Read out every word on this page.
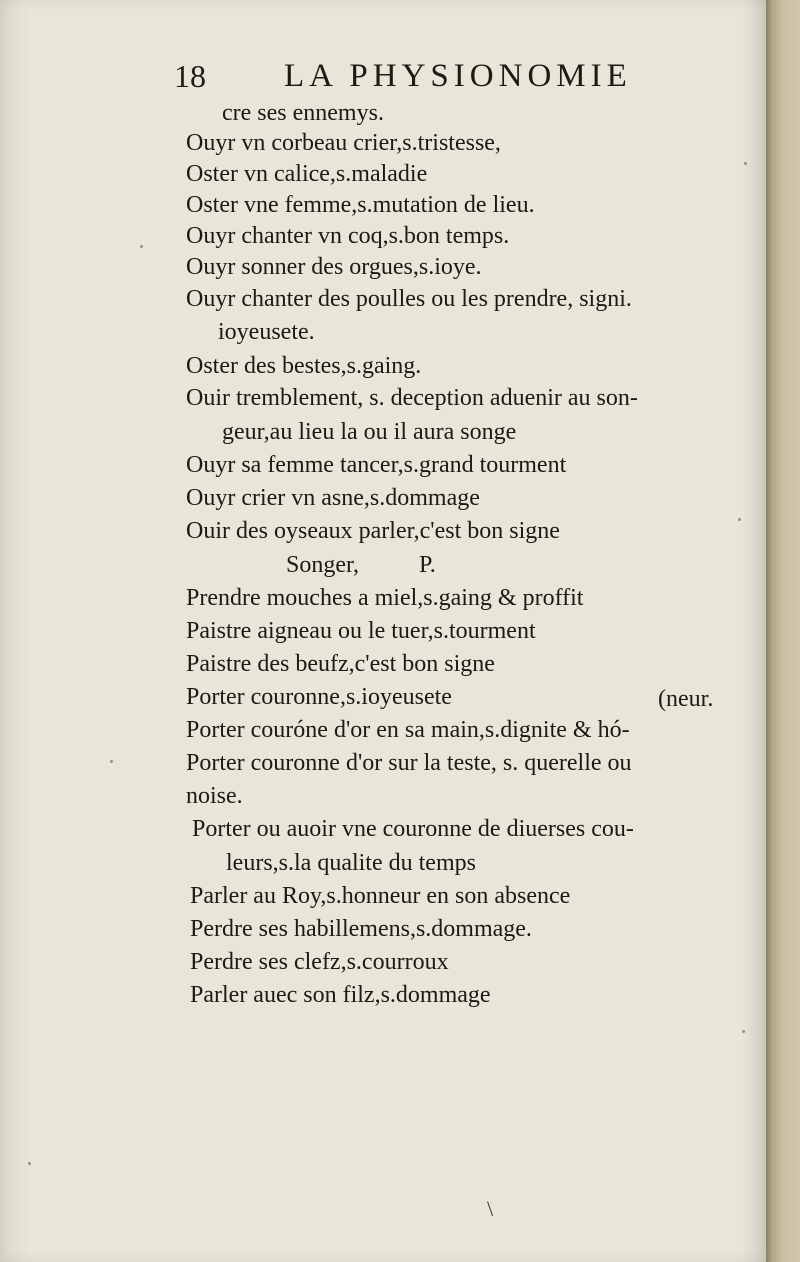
18 LA PHYSIONOMIE
cre ses ennemys.
Ouyr vn corbeau crier,s.tristesse,
Oster vn calice,s.maladie
Oster vne femme,s.mutation de lieu.
Ouyr chanter vn coq,s.bon temps.
Ouyr sonner des orgues,s.ioye.
Ouyr chanter des poulles ou les prendre, signi.
ioyeusete.
Oster des bestes,s.gaing.
Ouir tremblement, s. deception aduenir au son-
geur,au lieu la ou il aura songe
Ouyr sa femme tancer,s.grand tourment
Ouyr crier vn asne,s.dommage
Ouir des oyseaux parler,c'est bon signe
Songer,          P.
Prendre mouches a miel,s.gaing & proffit
Paistre aigneau ou le tuer,s.tourment
Paistre des beufz,c'est bon signe
Porter couronne,s.ioyeusete	(neur.
Porter couróne d'or en sa main,s.dignite & hó-
Porter couronne d'or sur la teste, s. querelle ou
noise.
Porter ou auoir vne couronne de diuerses cou-
leurs,s.la qualite du temps
Parler au Roy,s.honneur en son absence
Perdre ses habillemens,s.dommage.
Perdre ses clefz,s.courroux
Parler auec son filz,s.dommage
\
